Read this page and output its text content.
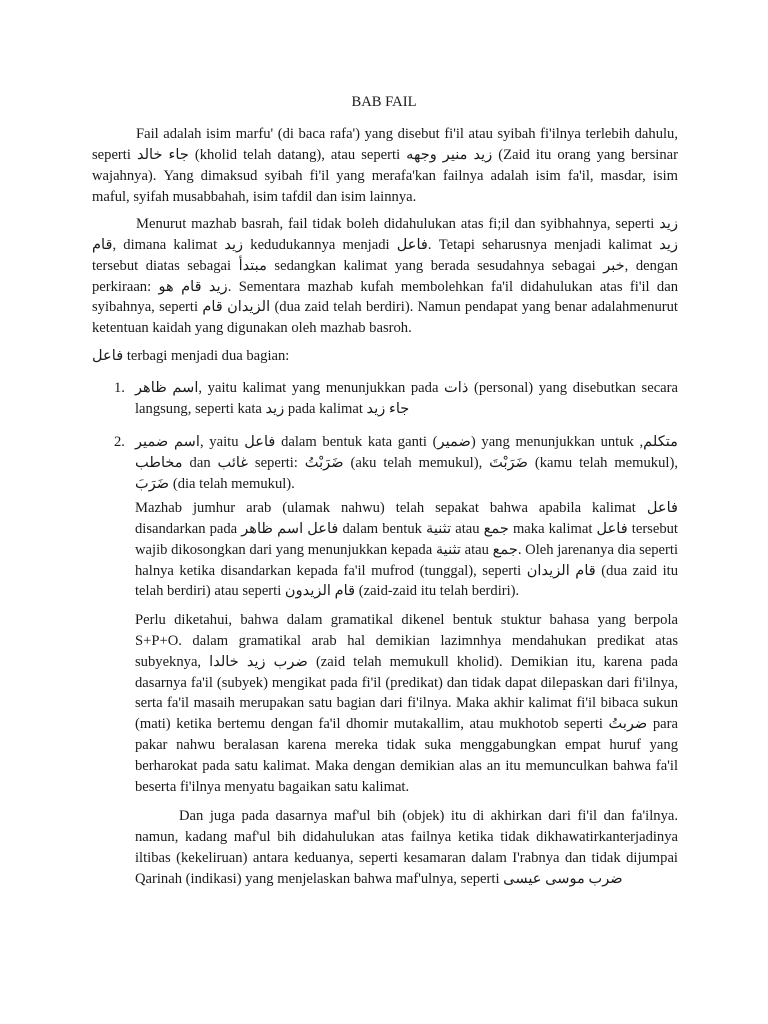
BAB FAIL
Fail adalah isim marfu' (di baca rafa') yang disebut fi'il atau syibah fi'ilnya terlebih dahulu, seperti جاء خالد (kholid telah datang), atau seperti زيد منير وجهه (Zaid itu orang yang bersinar wajahnya). Yang dimaksud syibah fi'il yang merafa'kan failnya adalah isim fa'il, masdar, isim maful, syifah musabbahah, isim tafdil dan isim lainnya.
Menurut mazhab basrah, fail tidak boleh didahulukan atas fi;il dan syibhahnya, seperti زيد قام, dimana kalimat زيد kedudukannya menjadi فاعل. Tetapi seharusnya menjadi kalimat زيد tersebut diatas sebagai مبتدأ sedangkan kalimat yang berada sesudahnya sebagai خبر, dengan perkiraan: زيد قام هو. Sementara mazhab kufah membolehkan fa'il didahulukan atas fi'il dan syibahnya, seperti الزيدان قام (dua zaid telah berdiri). Namun pendapat yang benar adalahmenurut ketentuan kaidah yang digunakan oleh mazhab basroh.
فاعل terbagi menjadi dua bagian:
1. اسم ظاهر, yaitu kalimat yang menunjukkan pada ذات (personal) yang disebutkan secara langsung, seperti kata زيد pada kalimat جاء زيد
2. اسم ضمير, yaitu فاعل dalam bentuk kata ganti (ضمير) yang menunjukkan untuk متكلم, مخاطب dan غائب seperti: ضَرَبْتُ (aku telah memukul), ضَرَبْتَ (kamu telah memukul), ضَرَبَ (dia telah memukul).
Mazhab jumhur arab (ulamak nahwu) telah sepakat bahwa apabila kalimat فاعل disandarkan pada فاعل اسم ظاهر dalam bentuk تثنية atau جمع maka kalimat فاعل tersebut wajib dikosongkan dari yang menunjukkan kepada تثنية atau جمع. Oleh jarenanya dia seperti halnya ketika disandarkan kepada fa'il mufrod (tunggal), seperti قام الزيدان (dua zaid itu telah berdiri) atau seperti قام الزيدون (zaid-zaid itu telah berdiri).
Perlu diketahui, bahwa dalam gramatikal dikenel bentuk stuktur bahasa yang berpola S+P+O. dalam gramatikal arab hal demikian lazimnhya mendahukan predikat atas subyeknya, ضرب زيد خالدا (zaid telah memukull kholid). Demikian itu, karena pada dasarnya fa'il (subyek) mengikat pada fi'il (predikat) dan tidak dapat dilepaskan dari fi'ilnya, serta fa'il masaih merupakan satu bagian dari fi'ilnya. Maka akhir kalimat fi'il bibaca sukun (mati) ketika bertemu dengan fa'il dhomir mutakallim, atau mukhotob seperti ضربتُ para pakar nahwu beralasan karena mereka tidak suka menggabungkan empat huruf yang berharokat pada satu kalimat. Maka dengan demikian alas an itu memunculkan bahwa fa'il beserta fi'ilnya menyatu bagaikan satu kalimat.
Dan juga pada dasarnya maf'ul bih (objek) itu di akhirkan dari fi'il dan fa'ilnya. namun, kadang maf'ul bih didahulukan atas failnya ketika tidak dikhawatirkanterjadinya iltibas (kekeliruan) antara keduanya, seperti kesamaran dalam I'rabnya dan tidak dijumpai Qarinah (indikasi) yang menjelaskan bahwa maf'ulnya, seperti ضرب موسى عيسى
